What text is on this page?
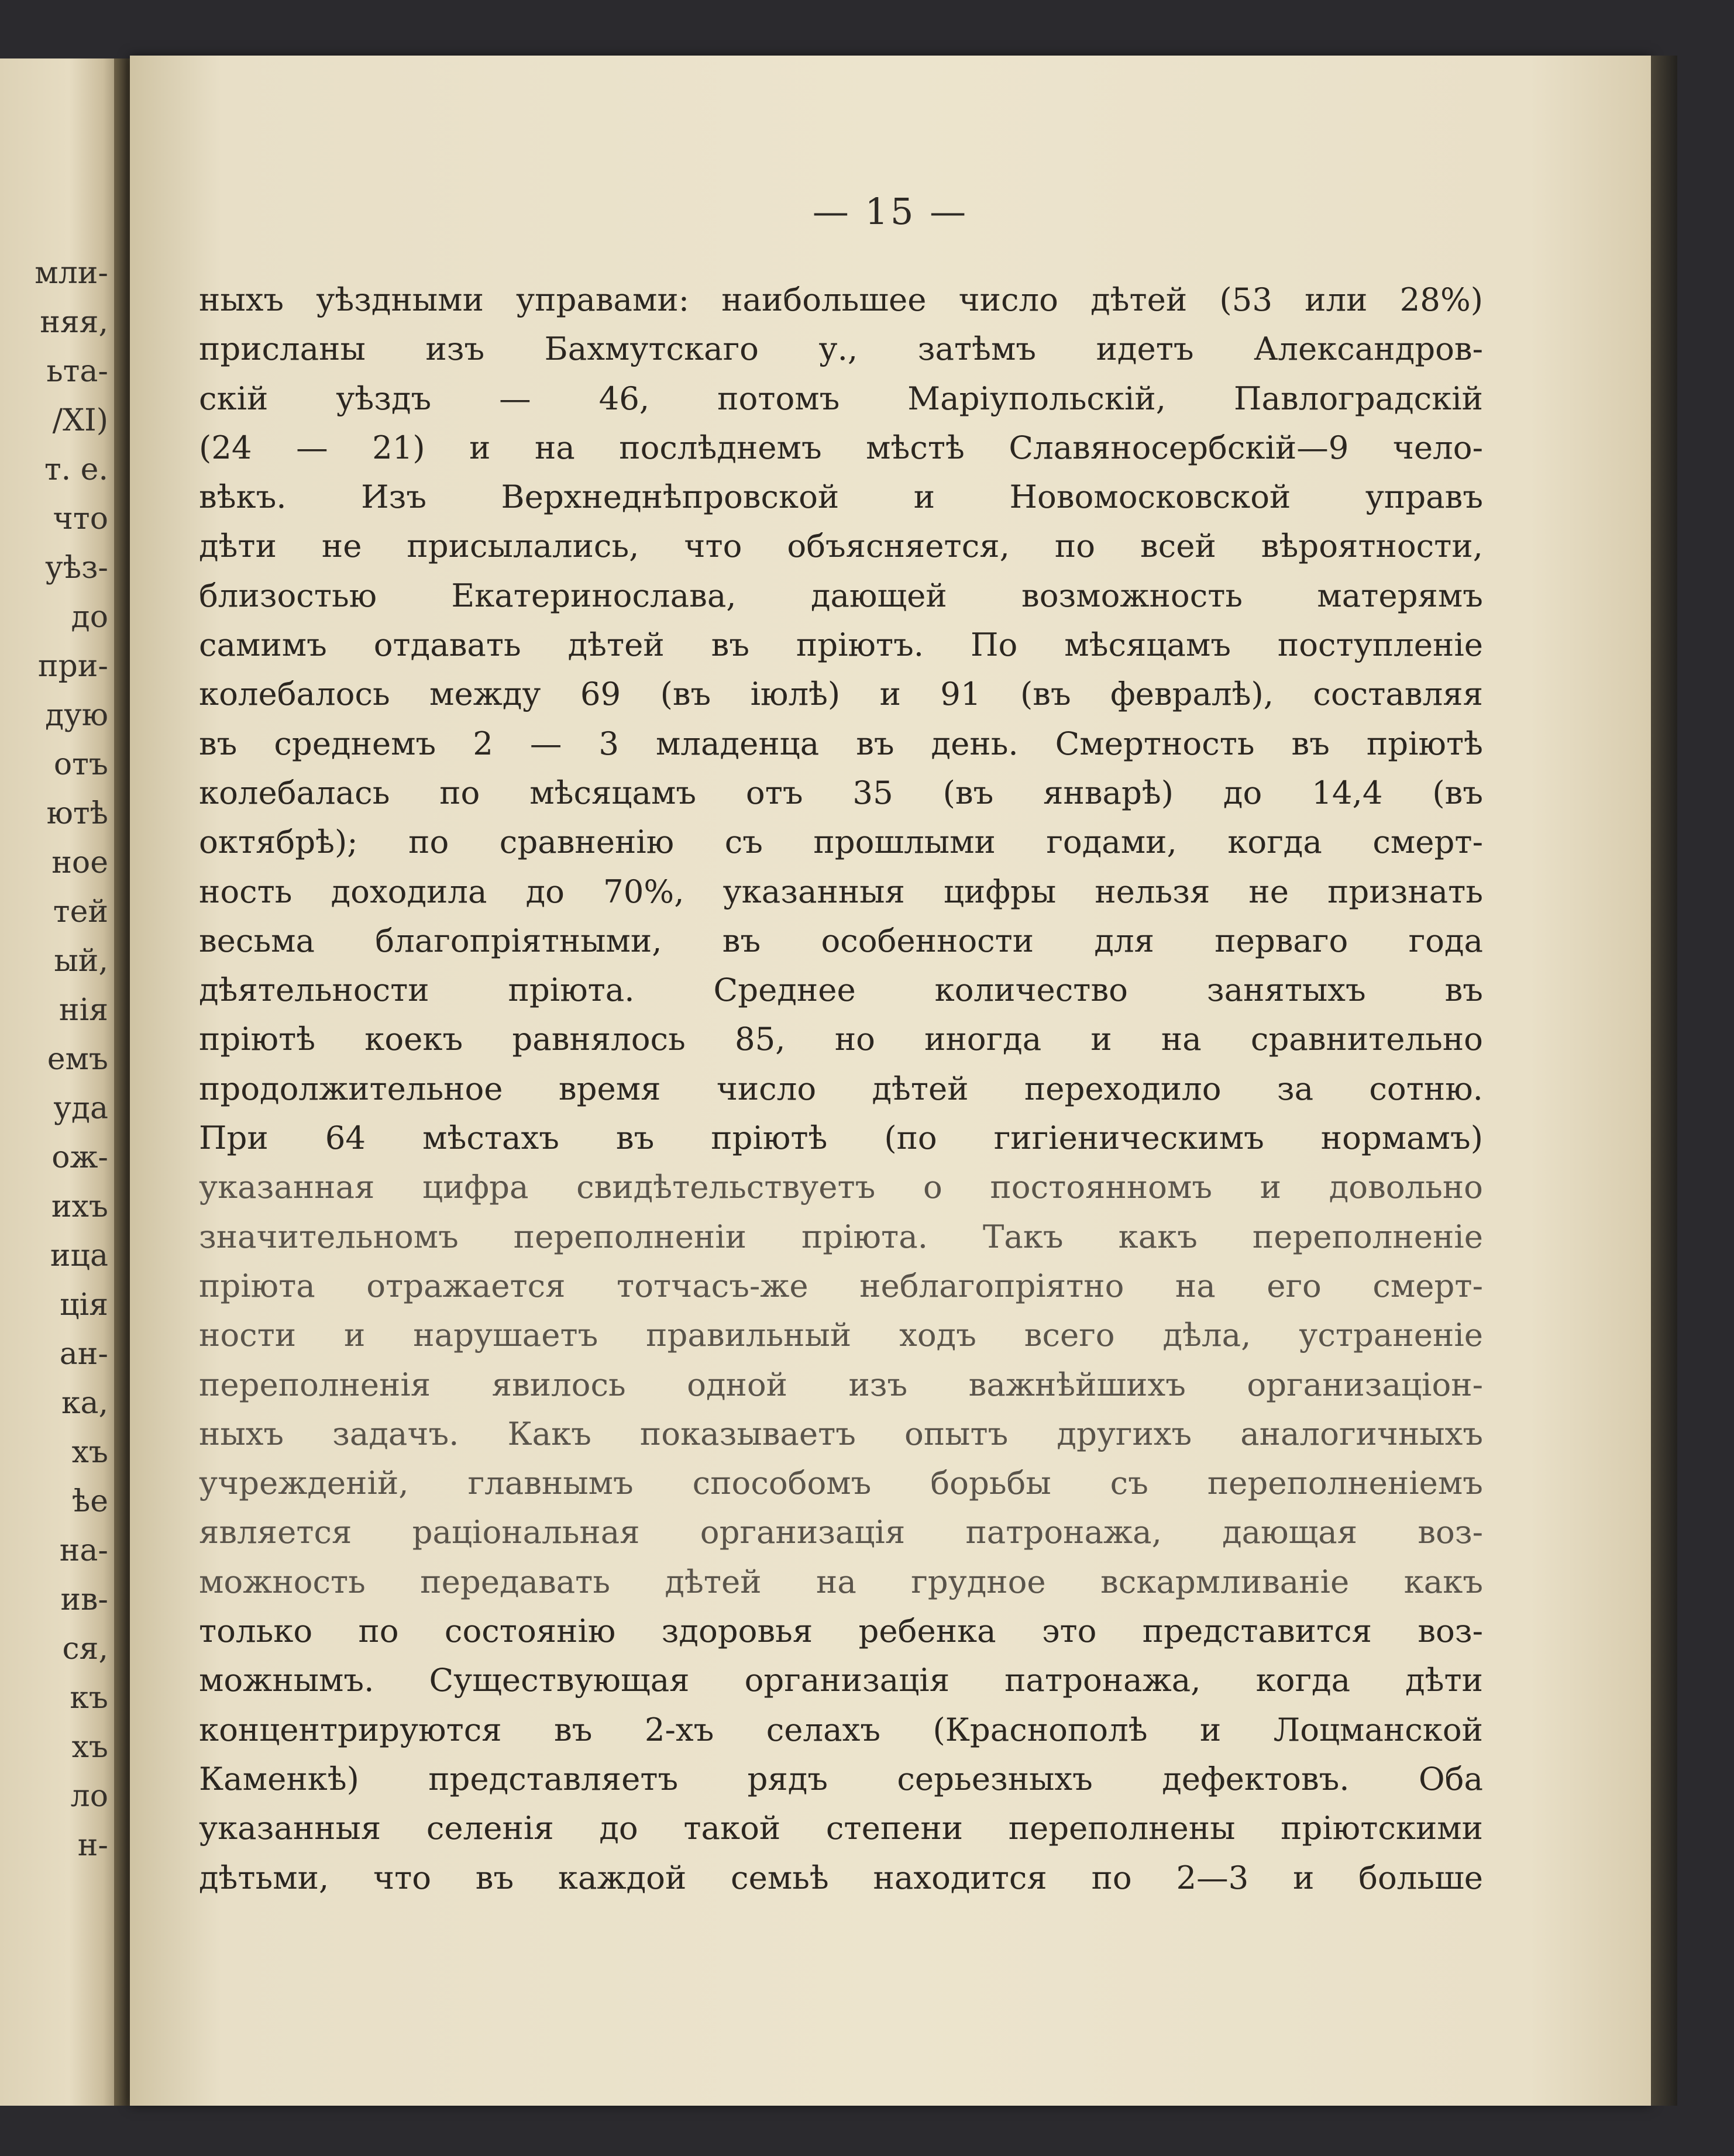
мли-
няя,
ьта-
/XI)
т. е.
что
уѣз-
до
при-
дую
отъ
ютѣ
ное
тей
ый,
нія
емъ
уда
ож-
ихъ
ица
ція
ан-
ка,
хъ
ѣе
на-
ив-
ся,
къ
хъ
ло
н-
— 15 —
ныхъ уѣздными управами: наибольшее число дѣтей (53 или 28%)
присланы изъ Бахмутскаго у., затѣмъ идетъ Александров-
скій уѣздъ — 46, потомъ Маріупольскій, Павлоградскій
(24 — 21) и на послѣднемъ мѣстѣ Славяносербскій—9 чело-
вѣкъ. Изъ Верхнеднѣпровской и Новомосковской управъ
дѣти не присылались, что объясняется, по всей вѣроятности,
близостью Екатеринослава, дающей возможность матерямъ
самимъ отдавать дѣтей въ пріютъ. По мѣсяцамъ поступленіе
колебалось между 69 (въ іюлѣ) и 91 (въ февралѣ), составляя
въ среднемъ 2 — 3 младенца въ день. Смертность въ пріютѣ
колебалась по мѣсяцамъ отъ 35 (въ январѣ) до 14,4 (въ
октябрѣ); по сравненію съ прошлыми годами, когда смерт-
ность доходила до 70%, указанныя цифры нельзя не признать
весьма благопріятными, въ особенности для перваго года
дѣятельности пріюта. Среднее количество занятыхъ въ
пріютѣ коекъ равнялось 85, но иногда и на сравнительно
продолжительное время число дѣтей переходило за сотню.
При 64 мѣстахъ въ пріютѣ (по гигіеническимъ нормамъ)
указанная цифра свидѣтельствуетъ о постоянномъ и довольно
значительномъ переполненіи пріюта. Такъ какъ переполненіе
пріюта отражается тотчасъ-же неблагопріятно на его смерт-
ности и нарушаетъ правильный ходъ всего дѣла, устраненіе
переполненія явилось одной изъ важнѣйшихъ организаціон-
ныхъ задачъ. Какъ показываетъ опытъ другихъ аналогичныхъ
учрежденій, главнымъ способомъ борьбы съ переполненіемъ
является раціональная организація патронажа, дающая воз-
можность передавать дѣтей на грудное вскармливаніе какъ
только по состоянію здоровья ребенка это представится воз-
можнымъ. Существующая организація патронажа, когда дѣти
концентрируются въ 2-хъ селахъ (Краснополѣ и Лоцманской
Каменкѣ) представляетъ рядъ серьезныхъ дефектовъ. Оба
указанныя селенія до такой степени переполнены пріютскими
дѣтьми, что въ каждой семьѣ находится по 2—3 и больше
